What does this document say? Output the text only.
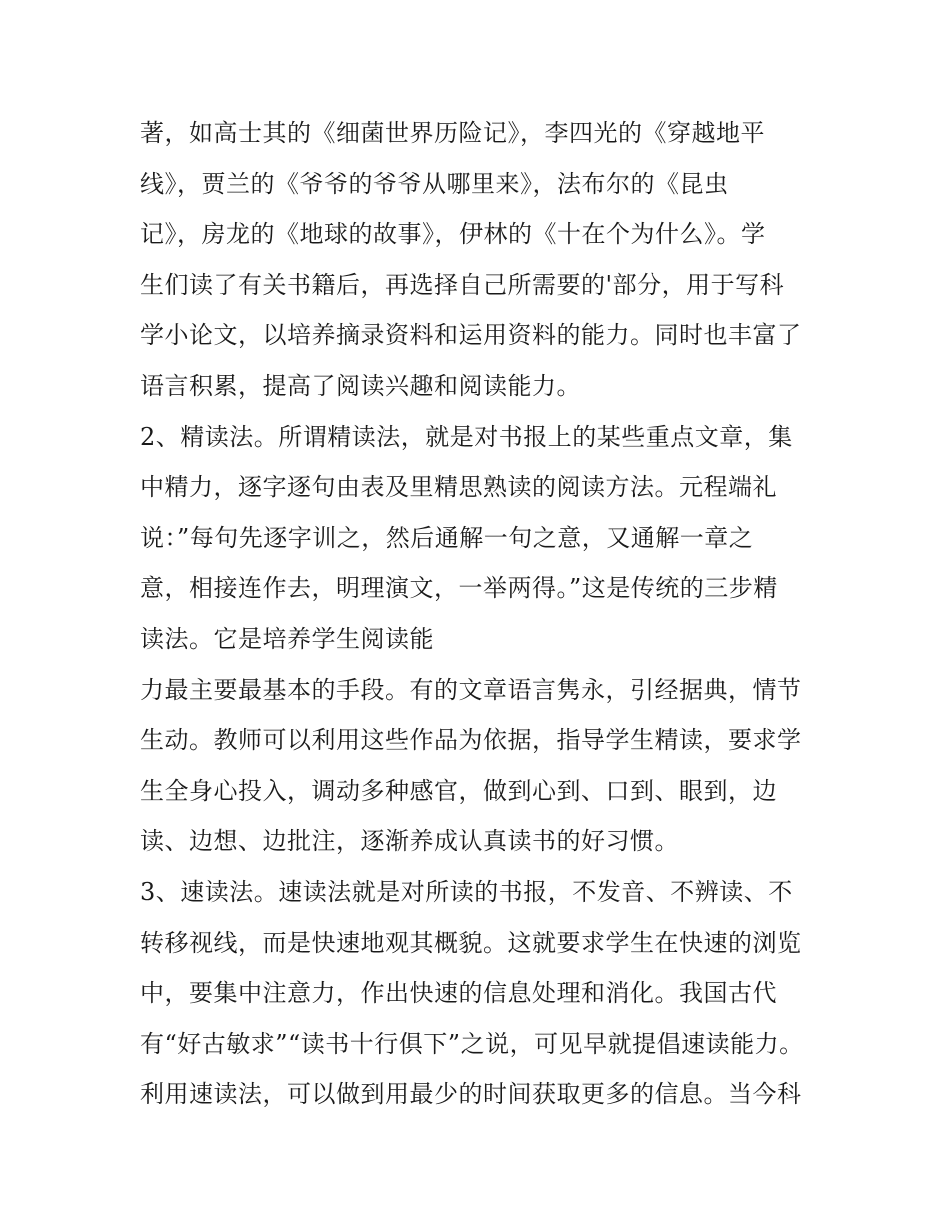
著，如高士其的《细菌世界历险记》，李四光的《穿越地平
线》，贾兰的《爷爷的爷爷从哪里来》，法布尔的《昆虫
记》，房龙的《地球的故事》，伊林的《十在个为什么》。学
生们读了有关书籍后，再选择自己所需要的'部分，用于写科
学小论文，以培养摘录资料和运用资料的能力。同时也丰富了
语言积累，提高了阅读兴趣和阅读能力。
2、精读法。所谓精读法，就是对书报上的某些重点文章，集
中精力，逐字逐句由表及里精思熟读的阅读方法。元程端礼
说：”每句先逐字训之，然后通解一句之意，又通解一章之
意，相接连作去，明理演文，一举两得。”这是传统的三步精
读法。它是培养学生阅读能
力最主要最基本的手段。有的文章语言隽永，引经据典，情节
生动。教师可以利用这些作品为依据，指导学生精读，要求学
生全身心投入，调动多种感官，做到心到、口到、眼到，边
读、边想、边批注，逐渐养成认真读书的好习惯。
3、速读法。速读法就是对所读的书报，不发音、不辨读、不
转移视线，而是快速地观其概貌。这就要求学生在快速的浏览
中，要集中注意力，作出快速的信息处理和消化。我国古代
有“好古敏求”“读书十行俱下”之说，可见早就提倡速读能力。
利用速读法，可以做到用最少的时间获取更多的信息。当今科
